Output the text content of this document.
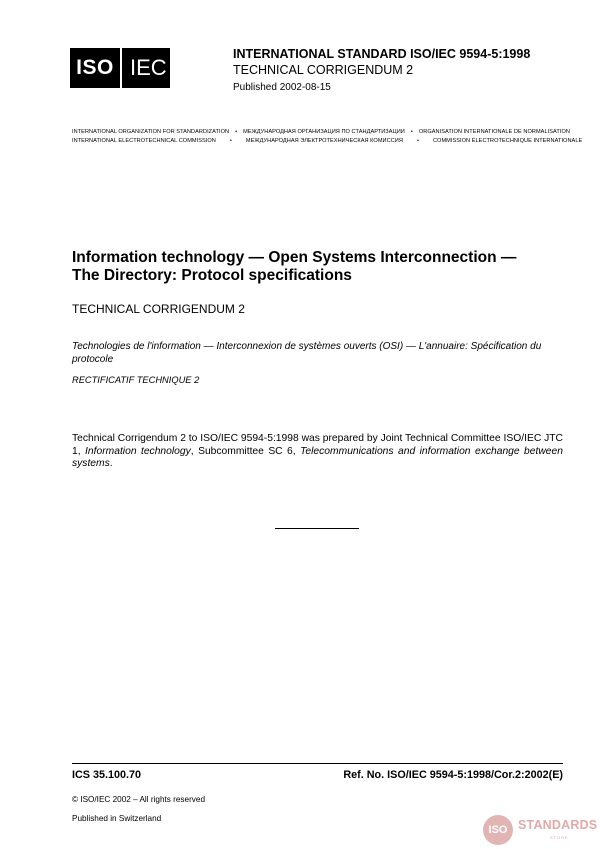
ISO IEC
INTERNATIONAL STANDARD ISO/IEC 9594-5:1998
TECHNICAL CORRIGENDUM 2
Published 2002-08-15
INTERNATIONAL ORGANIZATION FOR STANDARDIZATION • МЕЖДУНАРОДНАЯ ОРГАНИЗАЦИЯ ПО СТАНДАРТИЗАЦИИ • ORGANISATION INTERNATIONALE DE NORMALISATION
INTERNATIONAL ELECTROTECHNICAL COMMISSION	•	МЕЖДУНАРОДНАЯ ЭЛЕКТРОТЕХНИЧЕСКАЯ КОМИССИЯ	•	COMMISSION ÉLECTROTECHNIQUE INTERNATIONALE
Information technology — Open Systems Interconnection —
The Directory: Protocol specifications
TECHNICAL CORRIGENDUM 2
Technologies de l'information — Interconnexion de systèmes ouverts (OSI) — L'annuaire: Spécification du protocole
RECTIFICATIF TECHNIQUE 2
Technical Corrigendum 2 to ISO/IEC 9594-5:1998 was prepared by Joint Technical Committee ISO/IEC JTC 1, Information technology, Subcommittee SC 6, Telecommunications and information exchange between systems.
ICS 35.100.70	Ref. No. ISO/IEC 9594-5:1998/Cor.2:2002(E)
© ISO/IEC 2002 – All rights reserved
Published in Switzerland
ISO STANDARDS
STORE
